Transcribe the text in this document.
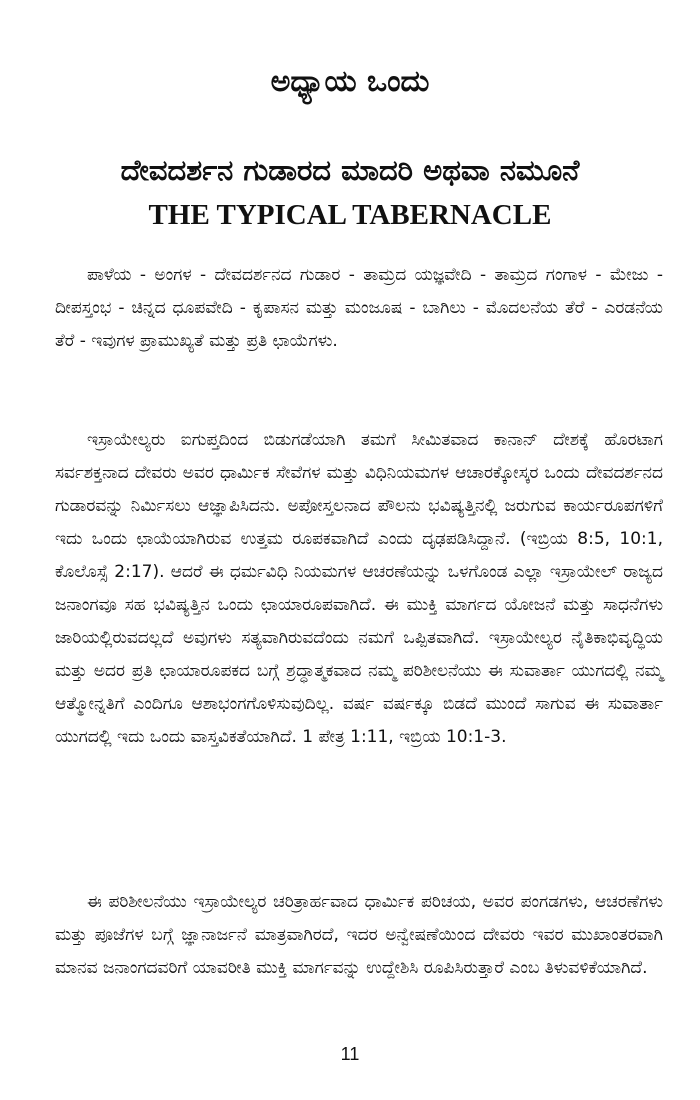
ಅಧ್ಯಾಯ ಒಂದು
ದೇವದರ್ಶನ ಗುಡಾರದ ಮಾದರಿ ಅಥವಾ ನಮೂನೆ
THE TYPICAL TABERNACLE

ಪಾಳೆಯ - ಅಂಗಳ - ದೇವದರ್ಶನದ ಗುಡಾರ - ತಾಮ್ರದ ಯಜ್ಞವೇದಿ - ತಾಮ್ರದ ಗಂಗಾಳ - ಮೇಜು - ದೀಪಸ್ತಂಭ - ಚಿನ್ನದ ಧೂಪವೇದಿ - ಕೃಪಾಸನ ಮತ್ತು ಮಂಜೂಷ - ಬಾಗಿಲು - ಮೊದಲನೆಯ ತೆರೆ - ಎರಡನೆಯ ತೆರೆ - ಇವುಗಳ ಪ್ರಾಮುಖ್ಯತೆ ಮತ್ತು ಪ್ರತಿ ಛಾಯೆಗಳು.

ಇಸ್ರಾಯೇಲ್ಯರು ಐಗುಪ್ತದಿಂದ ಬಿಡುಗಡೆಯಾಗಿ ತಮಗೆ ಸೀಮಿತವಾದ ಕಾನಾನ್ ದೇಶಕ್ಕೆ ಹೊರಟಾಗ ಸರ್ವಶಕ್ತನಾದ ದೇವರು ಅವರ ಧಾರ್ಮಿಕ ಸೇವೆಗಳ ಮತ್ತು ವಿಧಿನಿಯಮಗಳ ಆಚಾರಕ್ಕೋಸ್ಕರ ಒಂದು ದೇವದರ್ಶನದ ಗುಡಾರವನ್ನು ನಿರ್ಮಿಸಲು ಆಜ್ಞಾಪಿಸಿದನು. ಅಪೋಸ್ತಲನಾದ ಪೌಲನು ಭವಿಷ್ಯತ್ತಿನಲ್ಲಿ ಜರುಗುವ ಕಾರ್ಯರೂಪಗಳಿಗೆ ಇದು ಒಂದು ಛಾಯೆಯಾಗಿರುವ ಉತ್ತಮ ರೂಪಕವಾಗಿದೆ ಎಂದು ದೃಢಪಡಿಸಿದ್ದಾನೆ. (ಇಬ್ರಿಯ 8:5, 10:1, ಕೊಲೊಸ್ಸೆ 2:17). ಆದರೆ ಈ ಧರ್ಮವಿಧಿ ನಿಯಮಗಳ ಆಚರಣೆಯನ್ನು ಒಳಗೊಂಡ ಎಲ್ಲಾ ಇಸ್ರಾಯೇಲ್ ರಾಜ್ಯದ ಜನಾಂಗವೂ ಸಹ ಭವಿಷ್ಯತ್ತಿನ ಒಂದು ಛಾಯಾರೂಪವಾಗಿದೆ. ಈ ಮುಕ್ತಿ ಮಾರ್ಗದ ಯೋಜನೆ ಮತ್ತು ಸಾಧನೆಗಳು ಜಾರಿಯಲ್ಲಿರುವದಲ್ಲದೆ ಅವುಗಳು ಸತ್ಯವಾಗಿರುವದೆಂದು ನಮಗೆ ಒಪ್ಪಿತವಾಗಿದೆ. ಇಸ್ರಾಯೇಲ್ಯರ ನೈತಿಕಾಭಿವೃದ್ಧಿಯ ಮತ್ತು ಅದರ ಪ್ರತಿ ಛಾಯಾರೂಪಕದ ಬಗ್ಗೆ ಶ್ರದ್ಧಾತ್ಮಕವಾದ ನಮ್ಮ ಪರಿಶೀಲನೆಯು ಈ ಸುವಾರ್ತಾ ಯುಗದಲ್ಲಿ ನಮ್ಮ ಆತ್ಮೋನ್ನತಿಗೆ ಎಂದಿಗೂ ಆಶಾಭಂಗಗೊಳಿಸುವುದಿಲ್ಲ. ವರ್ಷ ವರ್ಷಕ್ಕೂ ಬಿಡದೆ ಮುಂದೆ ಸಾಗುವ ಈ ಸುವಾರ್ತಾ ಯುಗದಲ್ಲಿ ಇದು ಒಂದು ವಾಸ್ತವಿಕತೆಯಾಗಿದೆ. 1 ಪೇತ್ರ 1:11, ಇಬ್ರಿಯ 10:1-3.

ಈ ಪರಿಶೀಲನೆಯು ಇಸ್ರಾಯೇಲ್ಯರ ಚರಿತ್ರಾರ್ಹವಾದ ಧಾರ್ಮಿಕ ಪರಿಚಯ, ಅವರ ಪಂಗಡಗಳು, ಆಚರಣೆಗಳು ಮತ್ತು ಪೂಜೆಗಳ ಬಗ್ಗೆ ಜ್ಞಾನಾರ್ಜನೆ ಮಾತ್ರವಾಗಿರದೆ, ಇದರ ಅನ್ವೇಷಣೆಯಿಂದ ದೇವರು ಇವರ ಮುಖಾಂತರವಾಗಿ ಮಾನವ ಜನಾಂಗದವರಿಗೆ ಯಾವರೀತಿ ಮುಕ್ತಿ ಮಾರ್ಗವನ್ನು ಉದ್ದೇಶಿಸಿ ರೂಪಿಸಿರುತ್ತಾರೆ ಎಂಬ ತಿಳುವಳಿಕೆಯಾಗಿದೆ.

11
